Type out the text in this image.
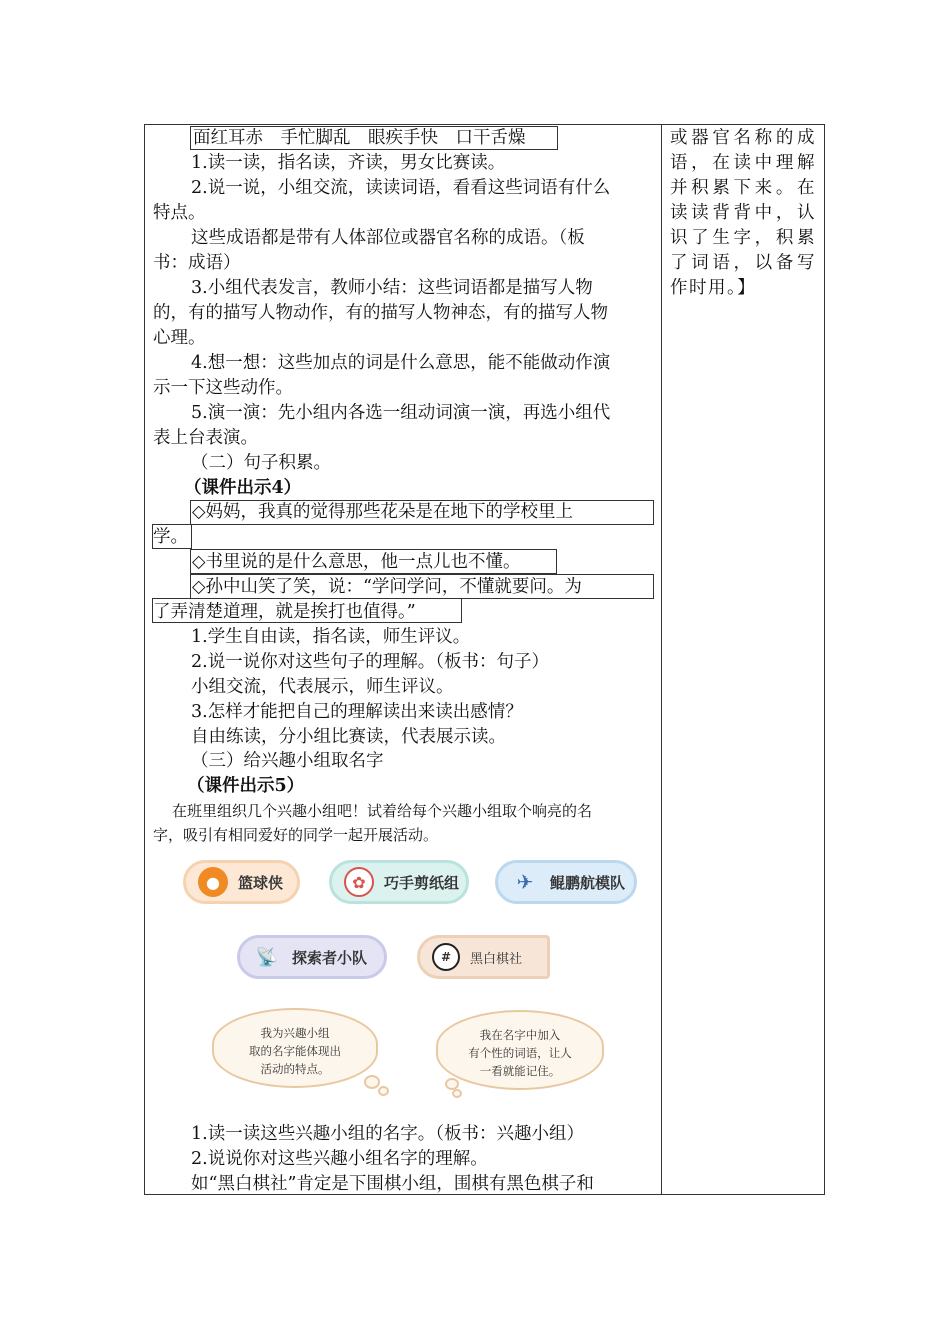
或器官名称的成语，在读中理解并积累下来。在读读背背中，认识了生字，积累了词语，以备写作时用。】
面红耳赤　手忙脚乱　眼疾手快　口干舌燥
1.读一读，指名读，齐读，男女比赛读。
2.说一说，小组交流，读读词语，看看这些词语有什么
特点。
这些成语都是带有人体部位或器官名称的成语。（板
书：成语）
3.小组代表发言，教师小结：这些词语都是描写人物
的，有的描写人物动作，有的描写人物神态，有的描写人物
心理。
4.想一想：这些加点的词是什么意思，能不能做动作演
示一下这些动作。
5.演一演：先小组内各选一组动词演一演，再选小组代
表上台表演。
（二）句子积累。
（课件出示4）
◇妈妈，我真的觉得那些花朵是在地下的学校里上
学。
◇书里说的是什么意思，他一点儿也不懂。
◇孙中山笑了笑，说：“学问学问，不懂就要问。为
了弄清楚道理，就是挨打也值得。”
1.学生自由读，指名读，师生评议。
2.说一说你对这些句子的理解。（板书：句子）
小组交流，代表展示，师生评议。
3.怎样才能把自己的理解读出来读出感情？
自由练读，分小组比赛读，代表展示读。
（三）给兴趣小组取名字
（课件出示5）
在班里组织几个兴趣小组吧！试着给每个兴趣小组取个响亮的名
字，吸引有相同爱好的同学一起开展活动。
●	篮球侠	✿	巧手剪纸组	✈	鲲鹏航模队
📡 探索者小队	#	黑白棋社
我为兴趣小组
取的名字能体现出
活动的特点。
我在名字中加入
有个性的词语，让人
一看就能记住。
1.读一读这些兴趣小组的名字。（板书：兴趣小组）
2.说说你对这些兴趣小组名字的理解。
如“黑白棋社”肯定是下围棋小组，围棋有黑色棋子和
